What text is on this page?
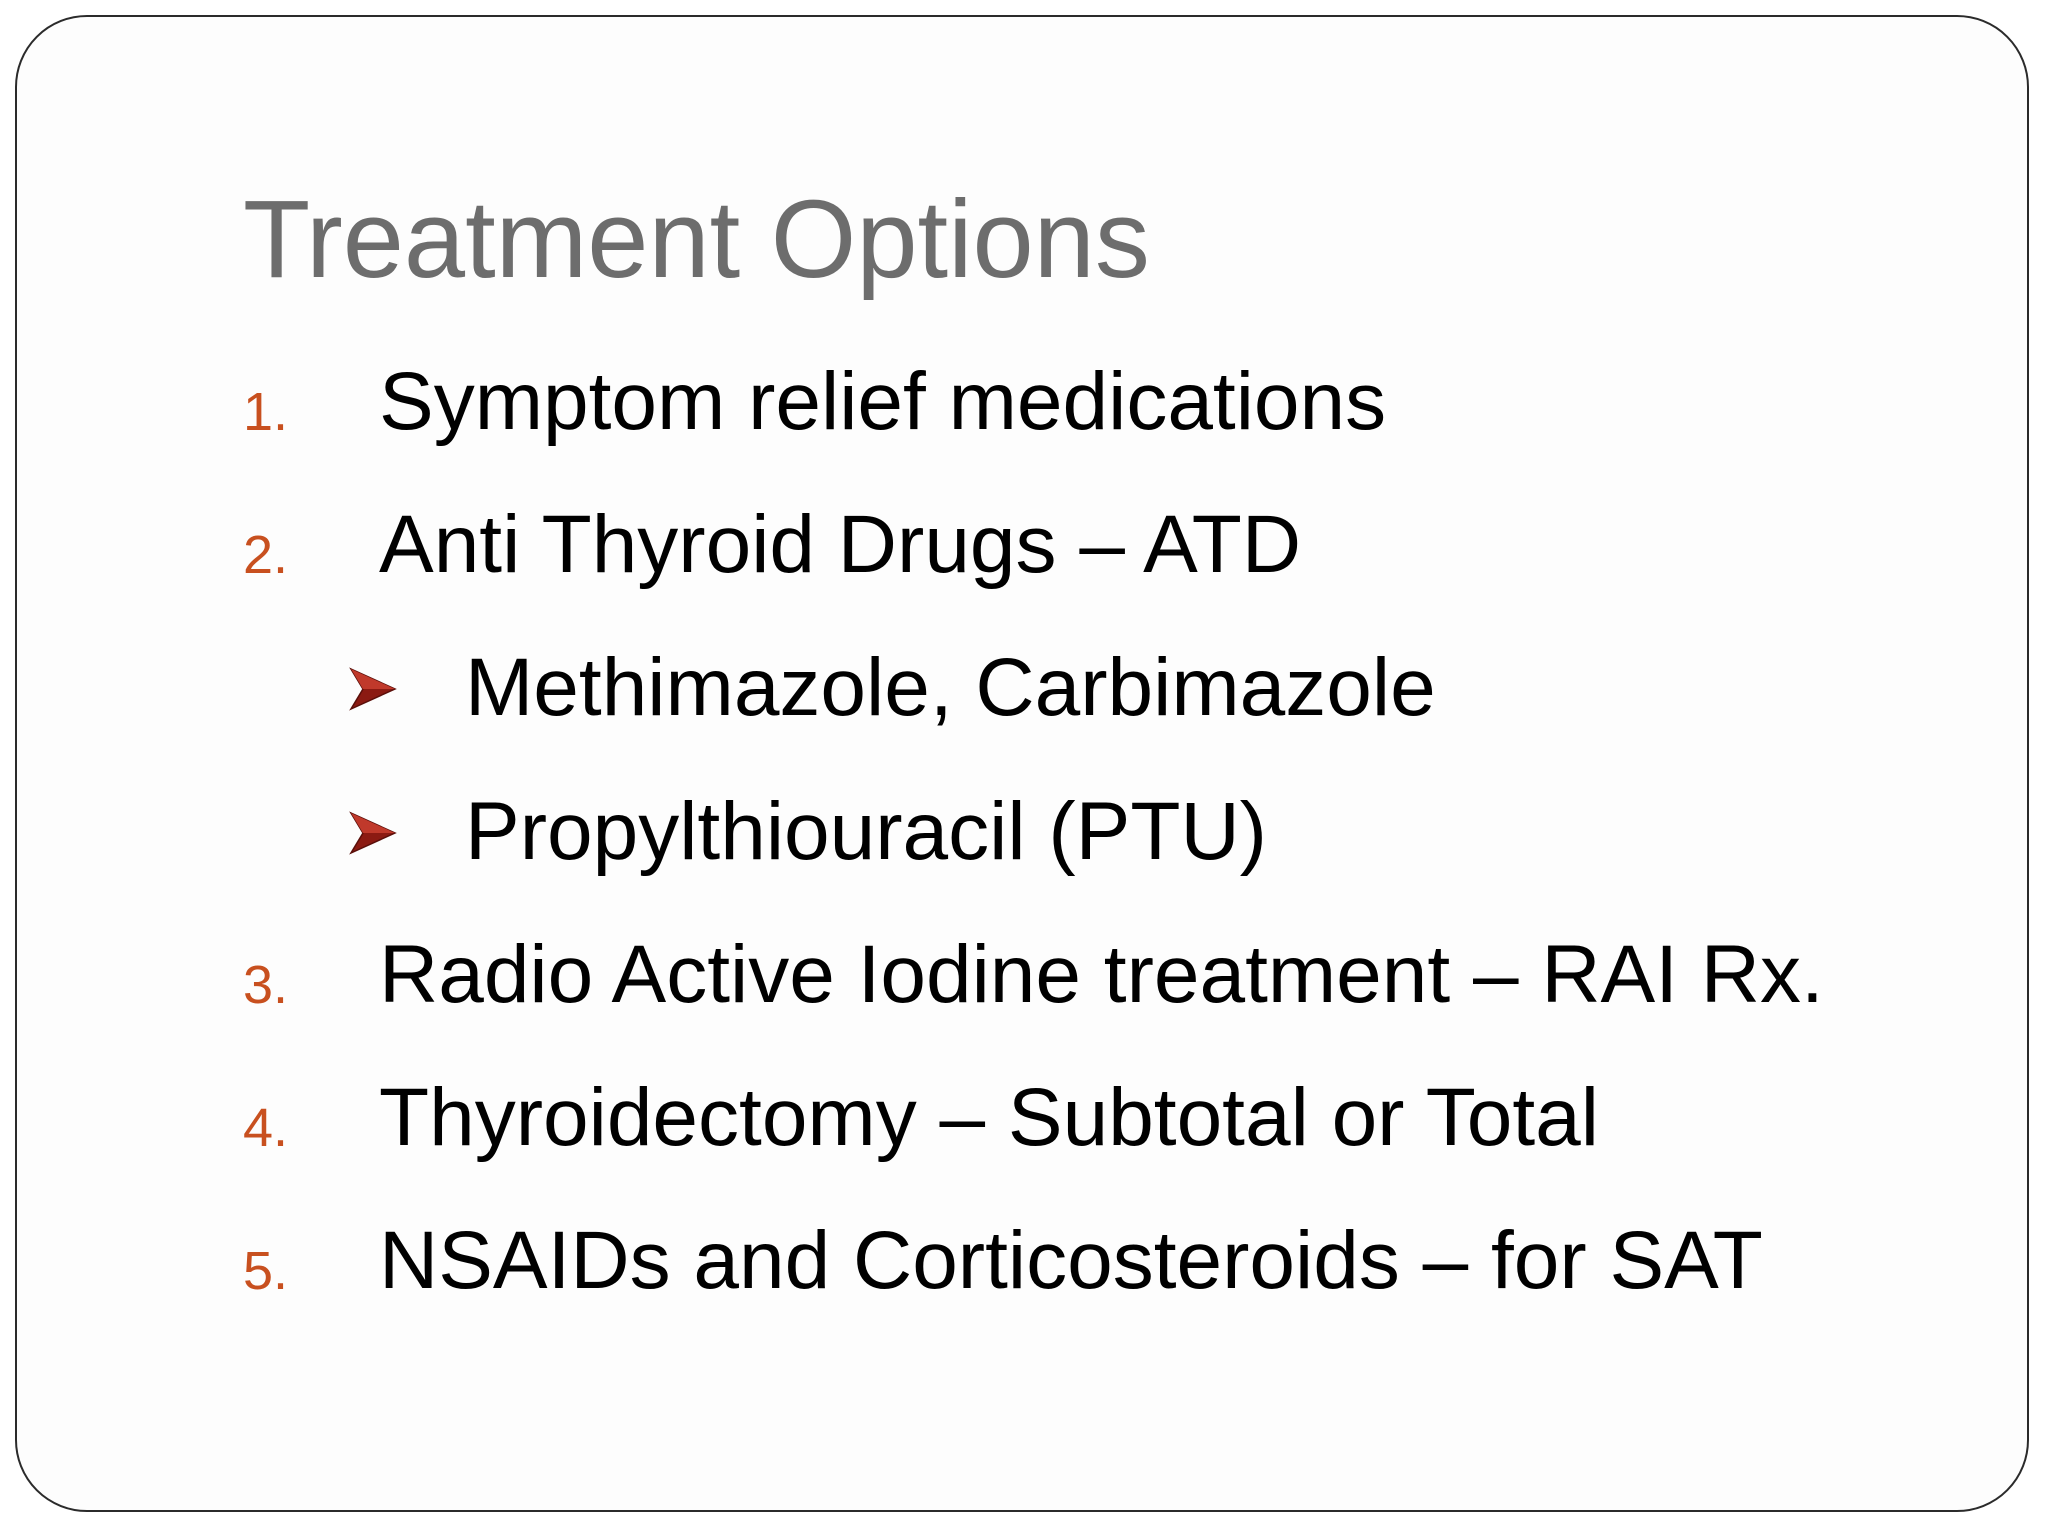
Treatment Options
1. Symptom relief medications
2. Anti Thyroid Drugs – ATD
Methimazole, Carbimazole
Propylthiouracil (PTU)
3. Radio Active Iodine treatment – RAI Rx.
4. Thyroidectomy – Subtotal or Total
5. NSAIDs and Corticosteroids – for SAT
